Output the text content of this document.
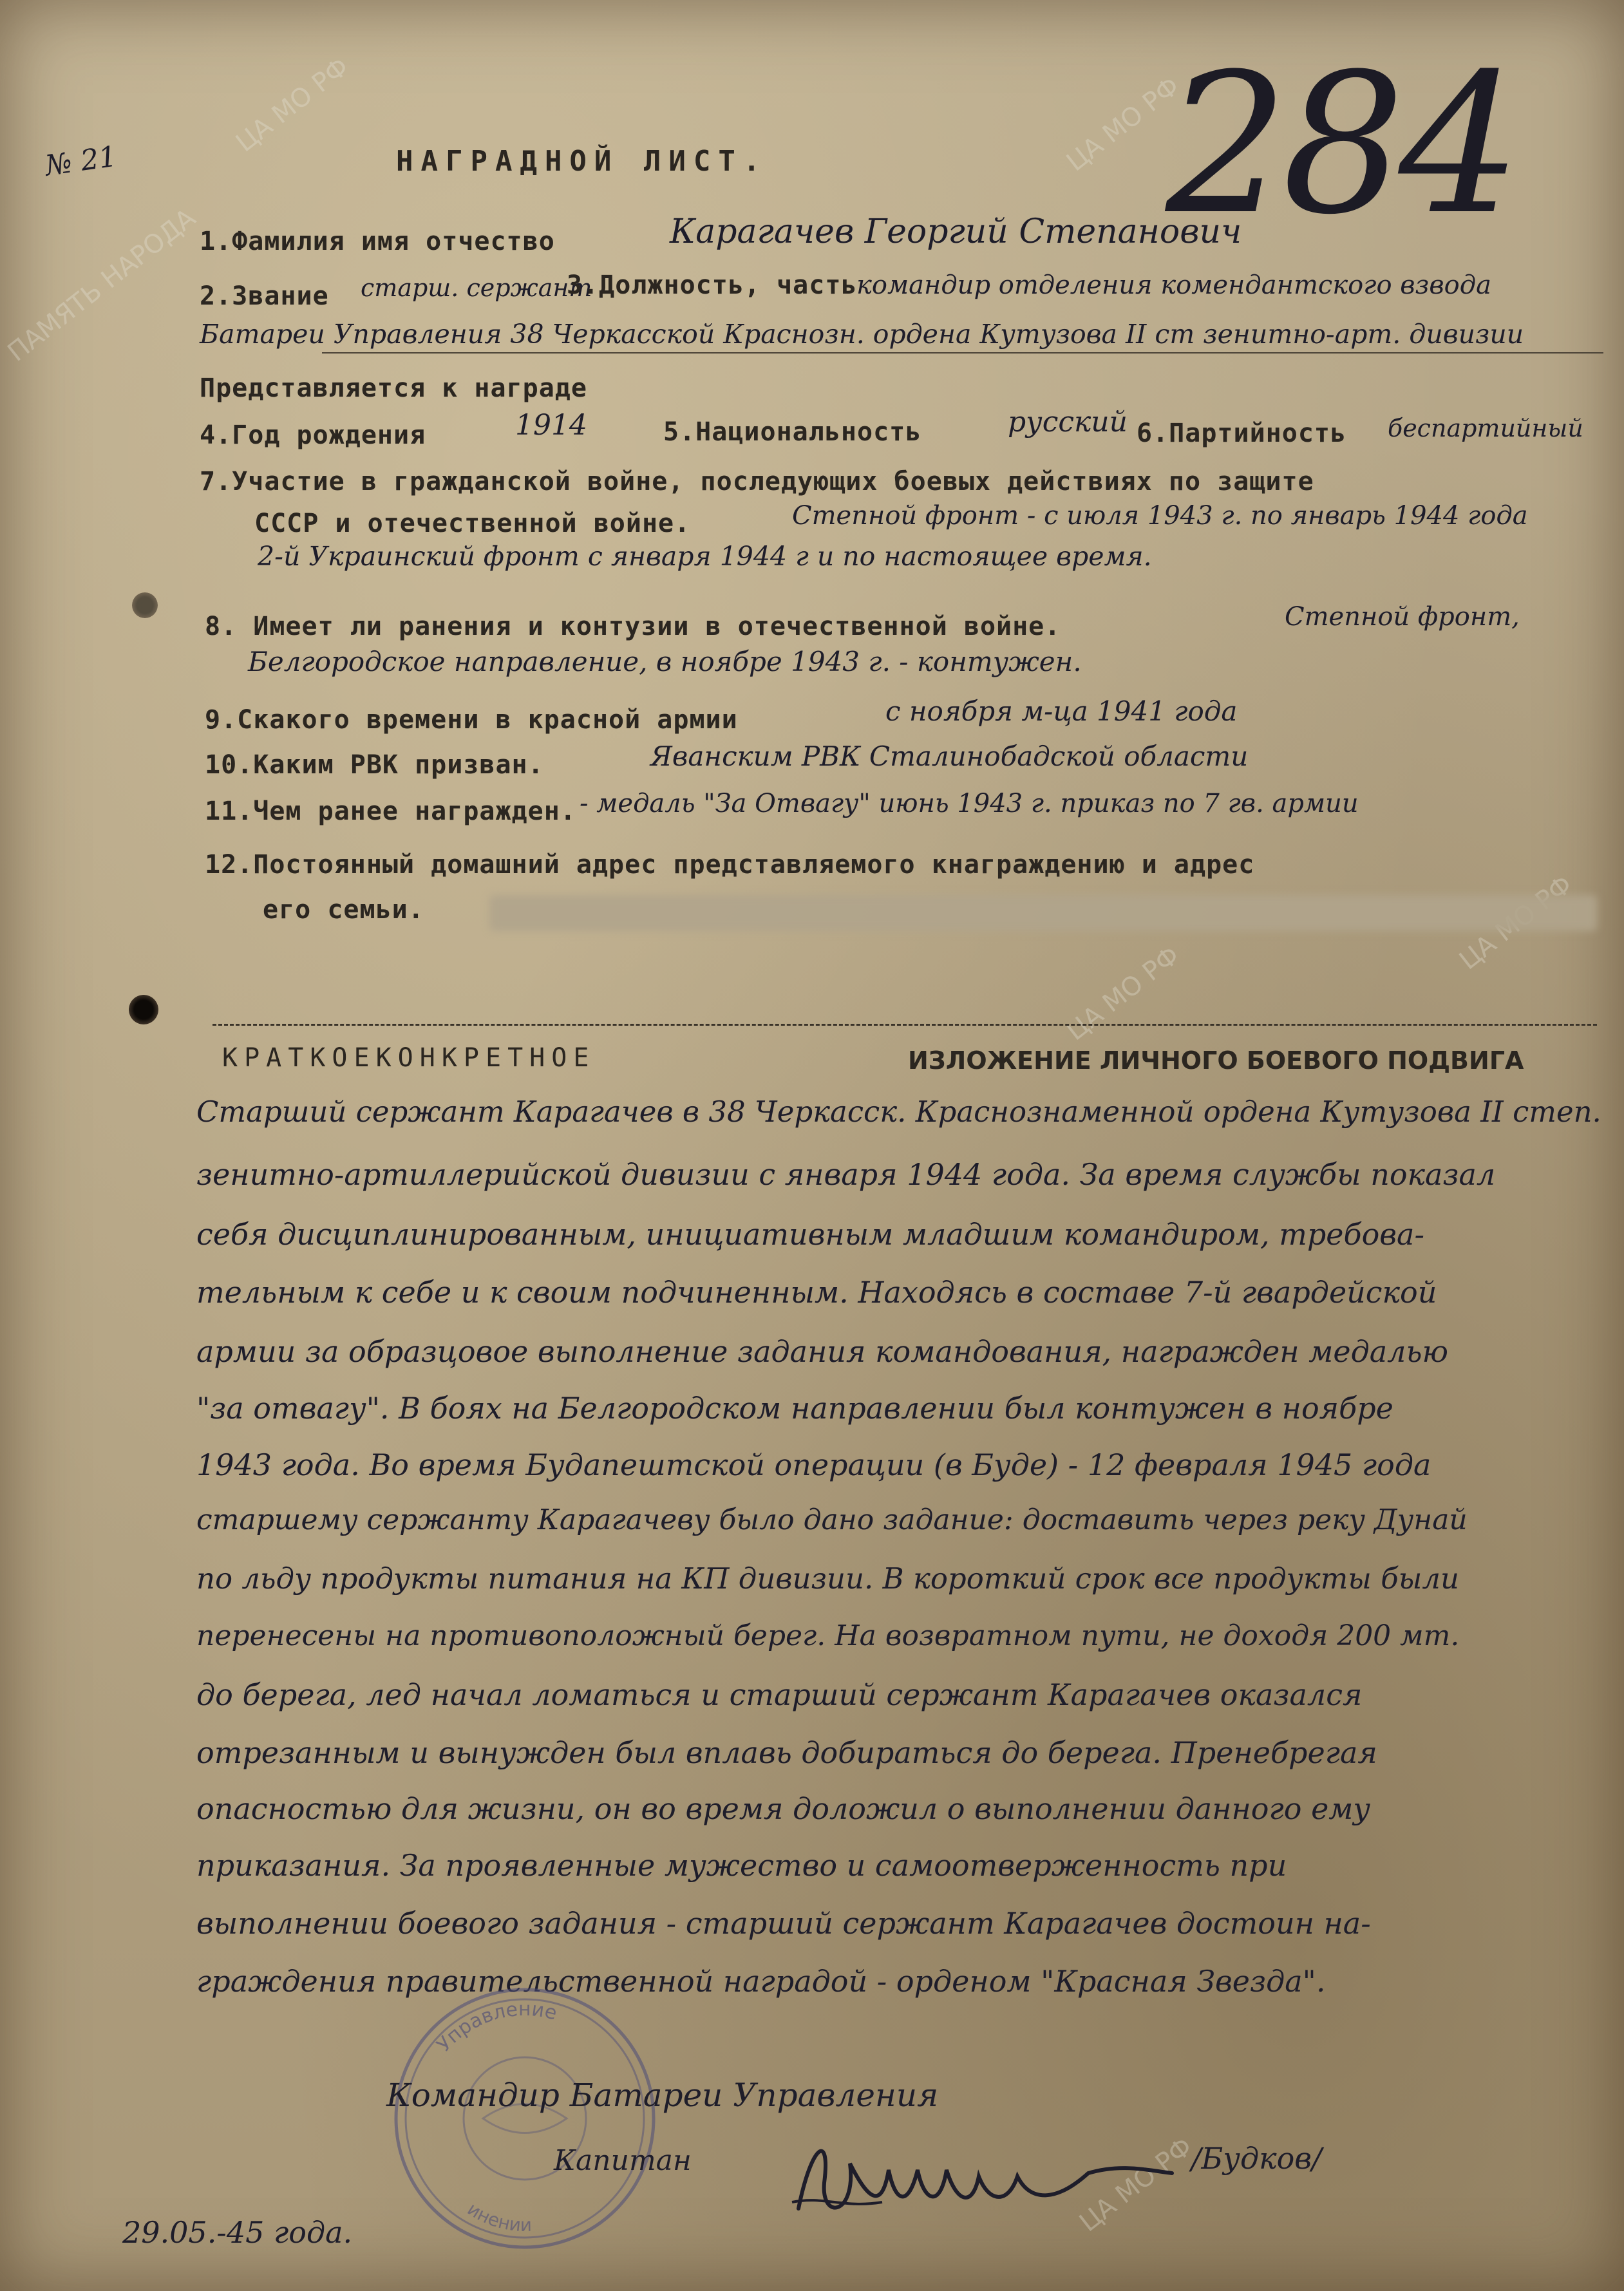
ПАМЯТЬ НАРОДА
ЦА МО РФ	ЦА МО РФ
ЦА МО РФ
ЦА МО РФ
№ 21	284
НАГРАДНОЙ ЛИСТ.
1.Фамилия имя отчество	Карагачев Георгий Степанович
2.Звание старш. сержант
3.Должность, часть
командир отделения комендантского взвода
Батареи Управления 38 Черкасской Краснозн. ордена Кутузова II ст зенитно-арт. дивизии
Представляется к награде
4.Год рождения	1914	5.Национальность	русский 6.Партийность беспартийный
7.Участие в гражданской войне, последующих боевых действиях по защите
СССР и отечественной войне.	Степной фронт - с июля 1943 г. по январь 1944 года
2-й Украинский фронт с января 1944 г и по настоящее время.
8. Имеет ли ранения и контузии в отечественной войне.	Степной фронт,
Белгородское направление, в ноябре 1943 г. - контужен.
9.Скакого времени в красной армии	с ноября м-ца 1941 года
10.Каким РВК призван.	Яванским РВК Сталинобадской области
11.Чем ранее награжден. - медаль "За Отвагу" июнь 1943 г. приказ по 7 гв. армии
12.Постоянный домашний адрес представляемого кнаграждению и адрес
его семьи.
КРАТКОЕКОНКРЕТНОЕ	ИЗЛОЖЕНИЕ ЛИЧНОГО БОЕВОГО ПОДВИГА
Старший сержант Карагачев в 38 Черкасск. Краснознаменной ордена Кутузова II степ.
зенитно-артиллерийской дивизии с января 1944 года. За время службы показал
себя дисциплинированным, инициативным младшим командиром, требова-
тельным к себе и к своим подчиненным. Находясь в составе 7-й гвардейской
армии за образцовое выполнение задания командования, награжден медалью
"за отвагу". В боях на Белгородском направлении был контужен в ноябре
1943 года. Во время Будапештской операции (в Буде) - 12 февраля 1945 года
старшему сержанту Карагачеву было дано задание: доставить через реку Дунай
по льду продукты питания на КП дивизии. В короткий срок все продукты были
перенесены на противоположный берег. На возвратном пути, не доходя 200 мт.
до берега, лед начал ломаться и старший сержант Карагачев оказался
отрезанным и вынужден был вплавь добираться до берега. Пренебрегая
опасностью для жизни, он во время доложил о выполнении данного ему
приказания. За проявленные мужество и самоотверженность при
выполнении боевого задания - старший сержант Карагачев достоин на-
граждения правительственной наградой - орденом "Красная Звезда".
Управление
инении
Командир Батареи Управления
Капитан	/Будков/
29.05.-45 года.
